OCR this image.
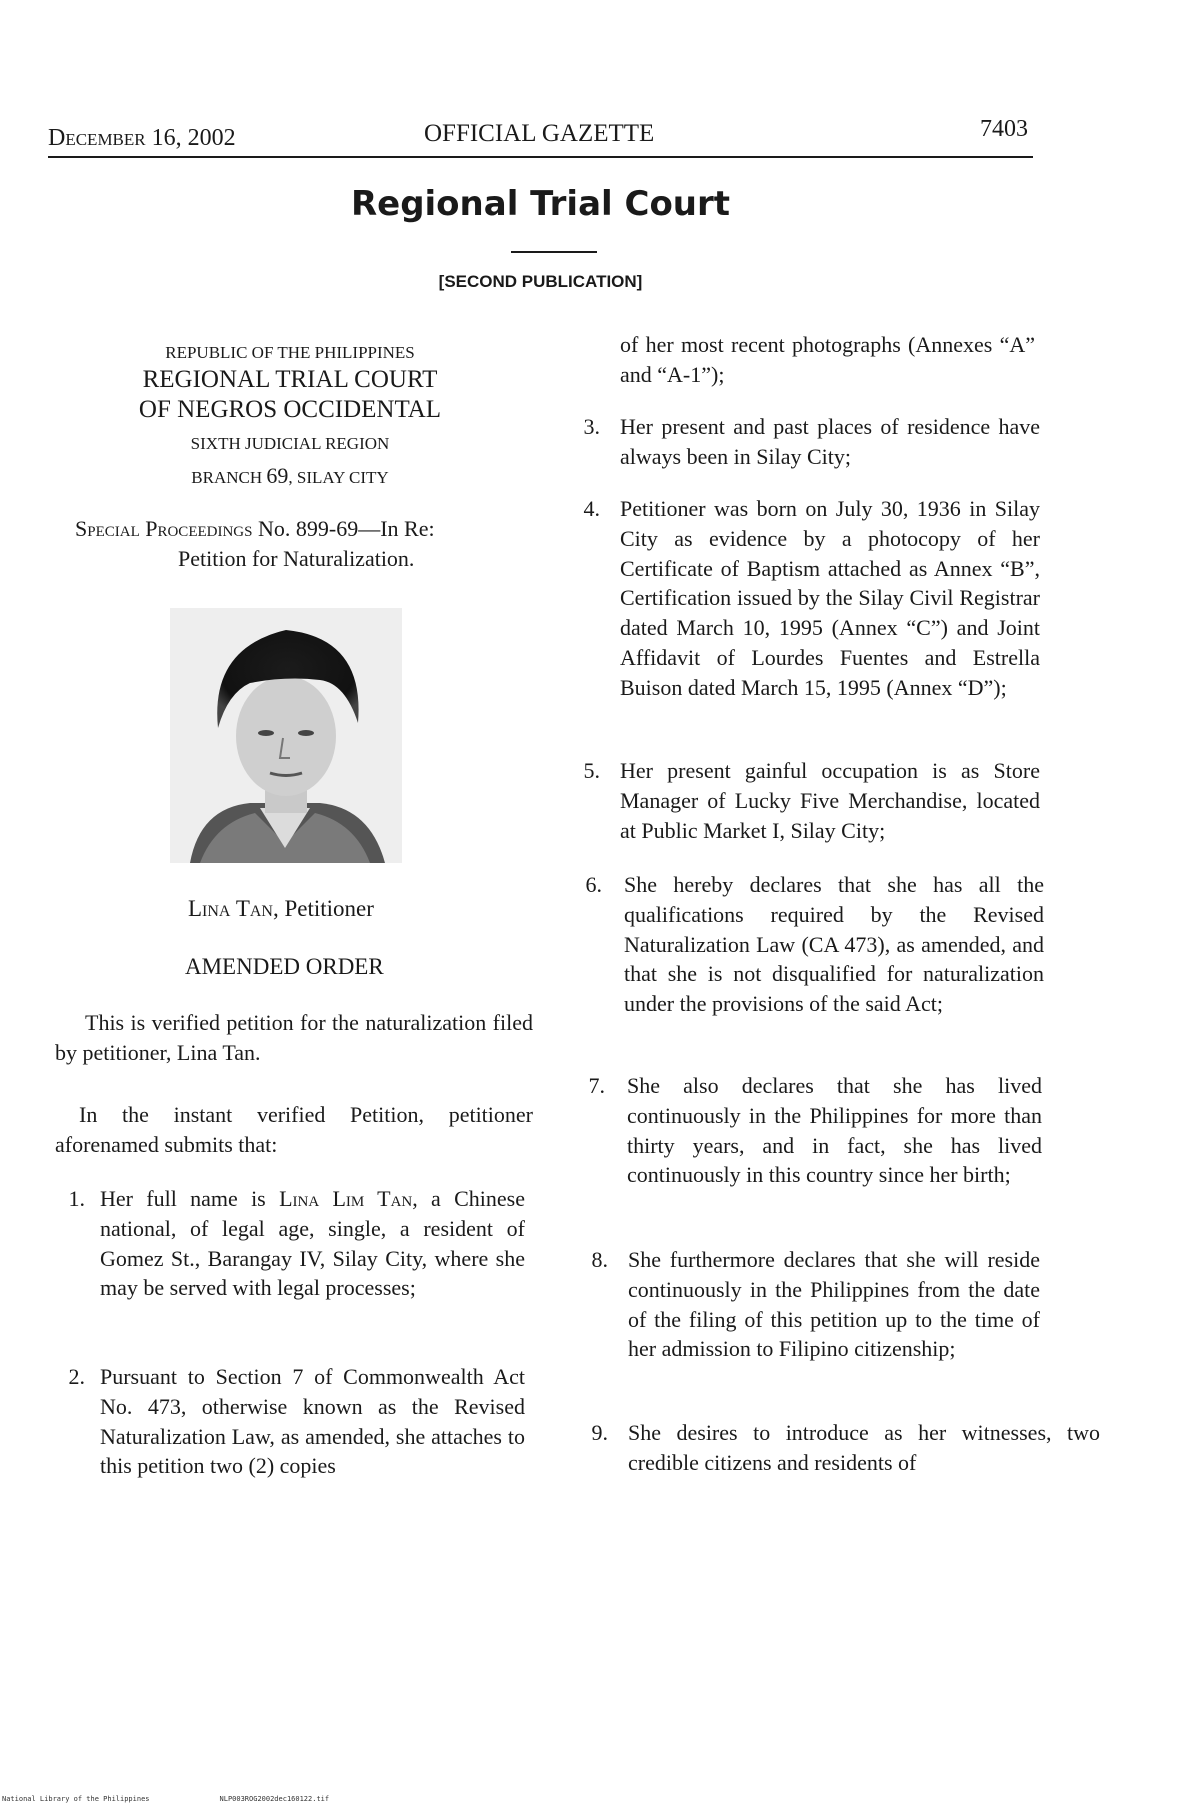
December 16, 2002	OFFICIAL GAZETTE	7403
Regional Trial Court
[SECOND PUBLICATION]
REPUBLIC OF THE PHILIPPINES
REGIONAL TRIAL COURT
OF NEGROS OCCIDENTAL
SIXTH JUDICIAL REGION
BRANCH 69, SILAY CITY
Special Proceedings No. 899-69—In Re:
Petition for Naturalization.
Lina Tan, Petitioner
AMENDED ORDER
This is verified petition for the naturalization filed by petitioner, Lina Tan.
In the instant verified Petition, petitioner aforenamed submits that:
1. Her full name is Lina Lim Tan, a Chinese national, of legal age, single, a resident of Gomez St., Barangay IV, Silay City, where she may be served with legal processes;
2. Pursuant to Section 7 of Commonwealth Act No. 473, otherwise known as the Revised Naturalization Law, as amended, she attaches to this petition two (2) copies
of her most recent photographs (Annexes “A” and “A-1”);
3. Her present and past places of residence have always been in Silay City;
4. Petitioner was born on July 30, 1936 in Silay City as evidence by a photocopy of her Certificate of Baptism attached as Annex “B”, Certification issued by the Silay Civil Registrar dated March 10, 1995 (Annex “C”) and Joint Affidavit of Lourdes Fuentes and Estrella Buison dated March 15, 1995 (Annex “D”);
5. Her present gainful occupation is as Store Manager of Lucky Five Merchandise, located at Public Market I, Silay City;
6. She hereby declares that she has all the qualifications required by the Revised Naturalization Law (CA 473), as amended, and that she is not disqualified for naturalization under the provisions of the said Act;
7. She also declares that she has lived continuously in the Philippines for more than thirty years, and in fact, she has lived continuously in this country since her birth;
8. She furthermore declares that she will reside continuously in the Philippines from the date of the filing of this petition up to the time of her admission to Filipino citizenship;
9. She desires to introduce as her witnesses, two credible citizens and residents of
National Library of the Philippines	NLP003ROG2002dec160122.tif
